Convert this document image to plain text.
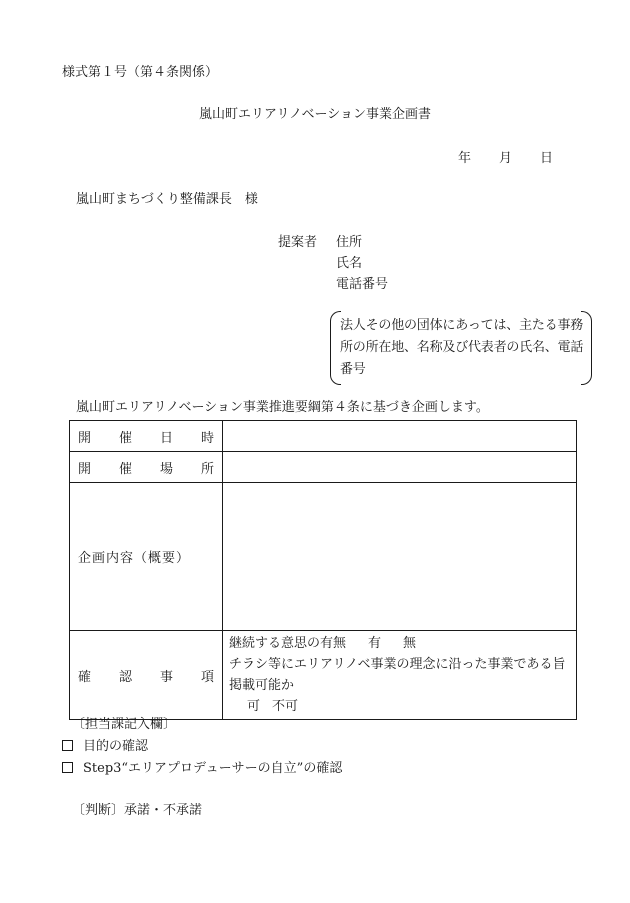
様式第１号（第４条関係）
嵐山町エリアリノベーション事業企画書
年 月 日
嵐山町まちづくり整備課長　様
提案者 住所
氏名
電話番号
法人その他の団体にあっては、主たる事務所の所在地、名称及び代表者の氏名、電話番号
嵐山町エリアリノベーション事業推進要綱第４条に基づき企画します。
開催日時	
開催場所	
企画内容（概要）	
確認事項	継続する意思の有無 有 無
チラシ等にエリアリノベ事業の理念に沿った事業である旨
掲載可能か
可 不可
〔担当課記入欄〕
目的の確認
Step3“エリアプロデューサーの自立”の確認
〔判断〕承諾・不承諾
